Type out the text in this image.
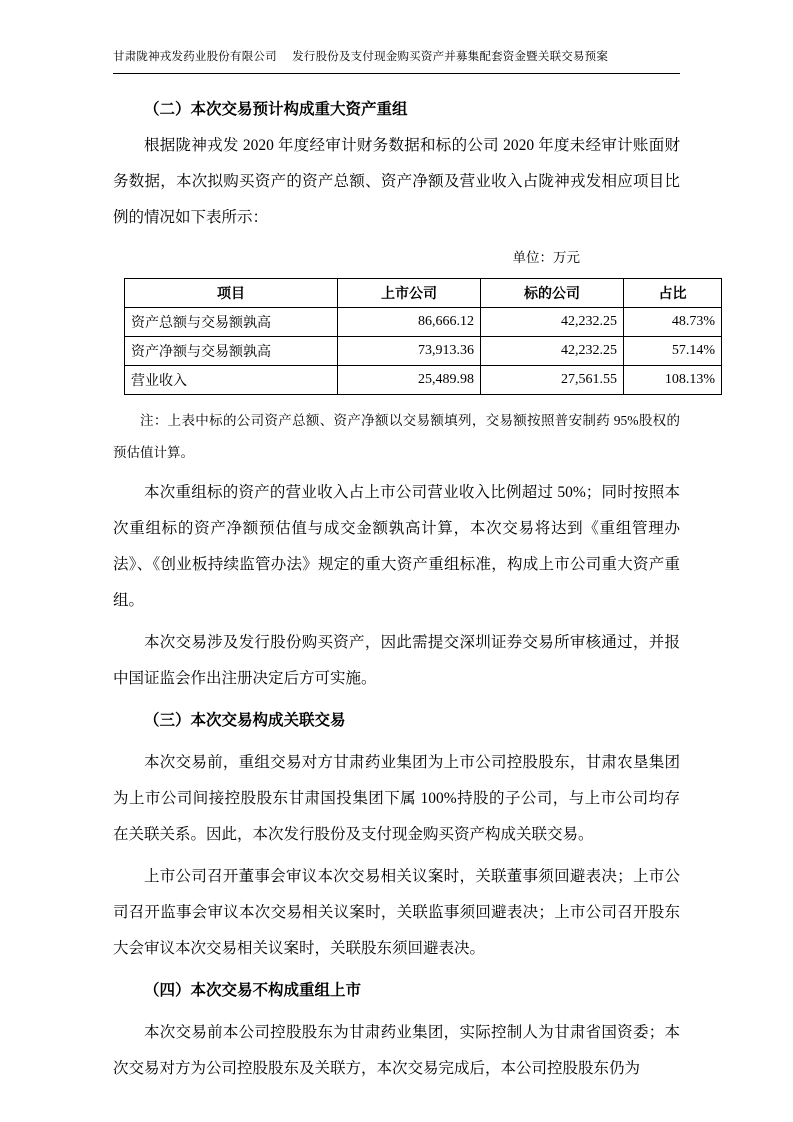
甘肃陇神戎发药业股份有限公司 发行股份及支付现金购买资产并募集配套资金暨关联交易预案

（二）本次交易预计构成重大资产重组

根据陇神戎发 2020 年度经审计财务数据和标的公司 2020 年度未经审计账面财务数据，本次拟购买资产的资产总额、资产净额及营业收入占陇神戎发相应项目比例的情况如下表所示：

单位：万元
项目	上市公司	标的公司	占比
资产总额与交易额孰高	86,666.12	42,232.25	48.73%
资产净额与交易额孰高	73,913.36	42,232.25	57.14%
营业收入	25,489.98	27,561.55	108.13%

注：上表中标的公司资产总额、资产净额以交易额填列，交易额按照普安制药 95%股权的预估值计算。

本次重组标的资产的营业收入占上市公司营业收入比例超过 50%；同时按照本次重组标的资产净额预估值与成交金额孰高计算，本次交易将达到《重组管理办法》、《创业板持续监管办法》规定的重大资产重组标准，构成上市公司重大资产重组。

本次交易涉及发行股份购买资产，因此需提交深圳证券交易所审核通过，并报中国证监会作出注册决定后方可实施。

（三）本次交易构成关联交易

本次交易前，重组交易对方甘肃药业集团为上市公司控股股东，甘肃农垦集团为上市公司间接控股股东甘肃国投集团下属 100%持股的子公司，与上市公司均存在关联关系。因此，本次发行股份及支付现金购买资产构成关联交易。

上市公司召开董事会审议本次交易相关议案时，关联董事须回避表决；上市公司召开监事会审议本次交易相关议案时，关联监事须回避表决；上市公司召开股东大会审议本次交易相关议案时，关联股东须回避表决。

（四）本次交易不构成重组上市

本次交易前本公司控股股东为甘肃药业集团，实际控制人为甘肃省国资委；本次交易对方为公司控股股东及关联方，本次交易完成后，本公司控股股东仍为
